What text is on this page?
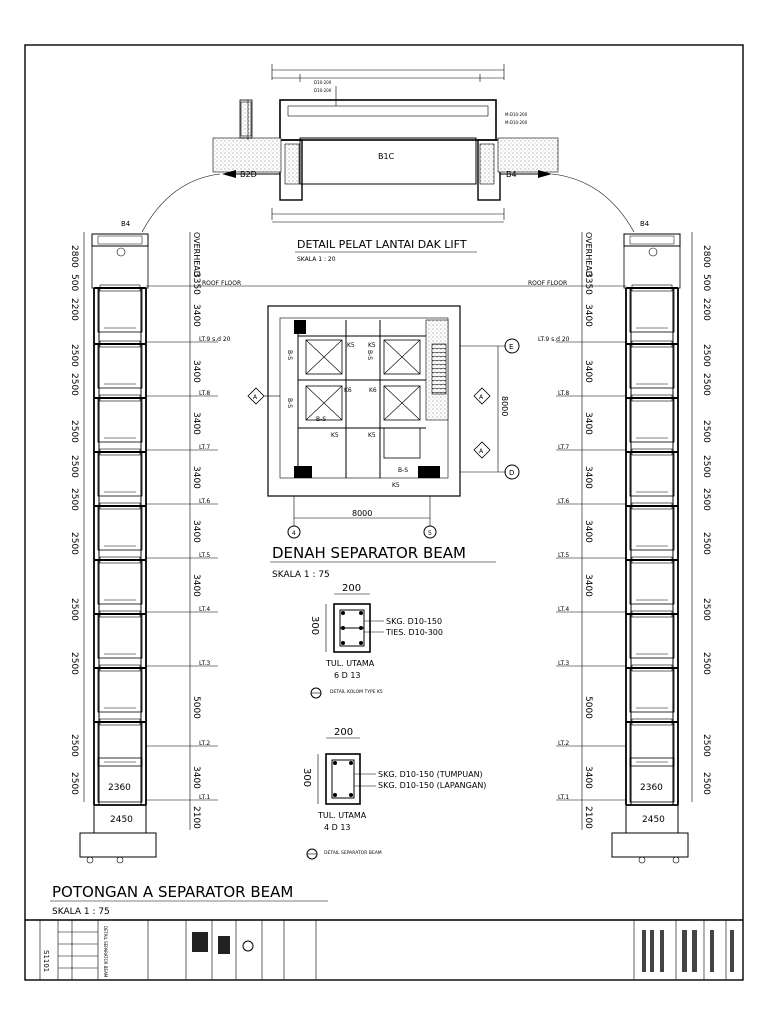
B1C
D10-200
D10-200
M-D10-200
M-D10-200
B2D	B4
DETAIL PELAT LANTAI DAK LIFT
SKALA 1 : 20
B4
2360
2450
2800
500
2200
2500
2500
2500
2500
2500
2500
2500
2500
2500
2500
OVERHEAD
3350
3400
3400
3400
3400
3400
3400
5000
3400
2100
ROOF FLOOR
LT.9 s.d 20
LT.8
LT.7
LT.6
LT.5
LT.4
LT.3
LT.2
LT.1
B4
2360
2450
2800
500
2200
2500
2500
2500
2500
2500
2500
2500
2500
2500
2500
OVERHEAD
3350
3400
3400
3400
3400
3400
3400
5000
3400
2100
ROOF FLOOR
LT.9 s.d 20
LT.8
LT.7
LT.6
LT.5
LT.4
LT.3
LT.2
LT.1
K5 K5
K6	K6
K5	K5
B-S
B-S
B-S
B-S
B-S
K5
E
D
8000
4	5
8000
A	A
A
DENAH SEPARATOR BEAM
SKALA 1 : 75
200
300	SKG. D10-150
TIES. D10-300
TUL. UTAMA
6 D 13
DETAIL KOLOM TYPE K5
200
300	SKG. D10-150 (TUMPUAN)
SKG. D10-150 (LAPANGAN)
TUL. UTAMA
4 D 13
DETAIL SEPARATOR BEAM
POTONGAN A SEPARATOR BEAM
SKALA 1 : 75
S1101	DETAIL SEPARATOR BEAM
